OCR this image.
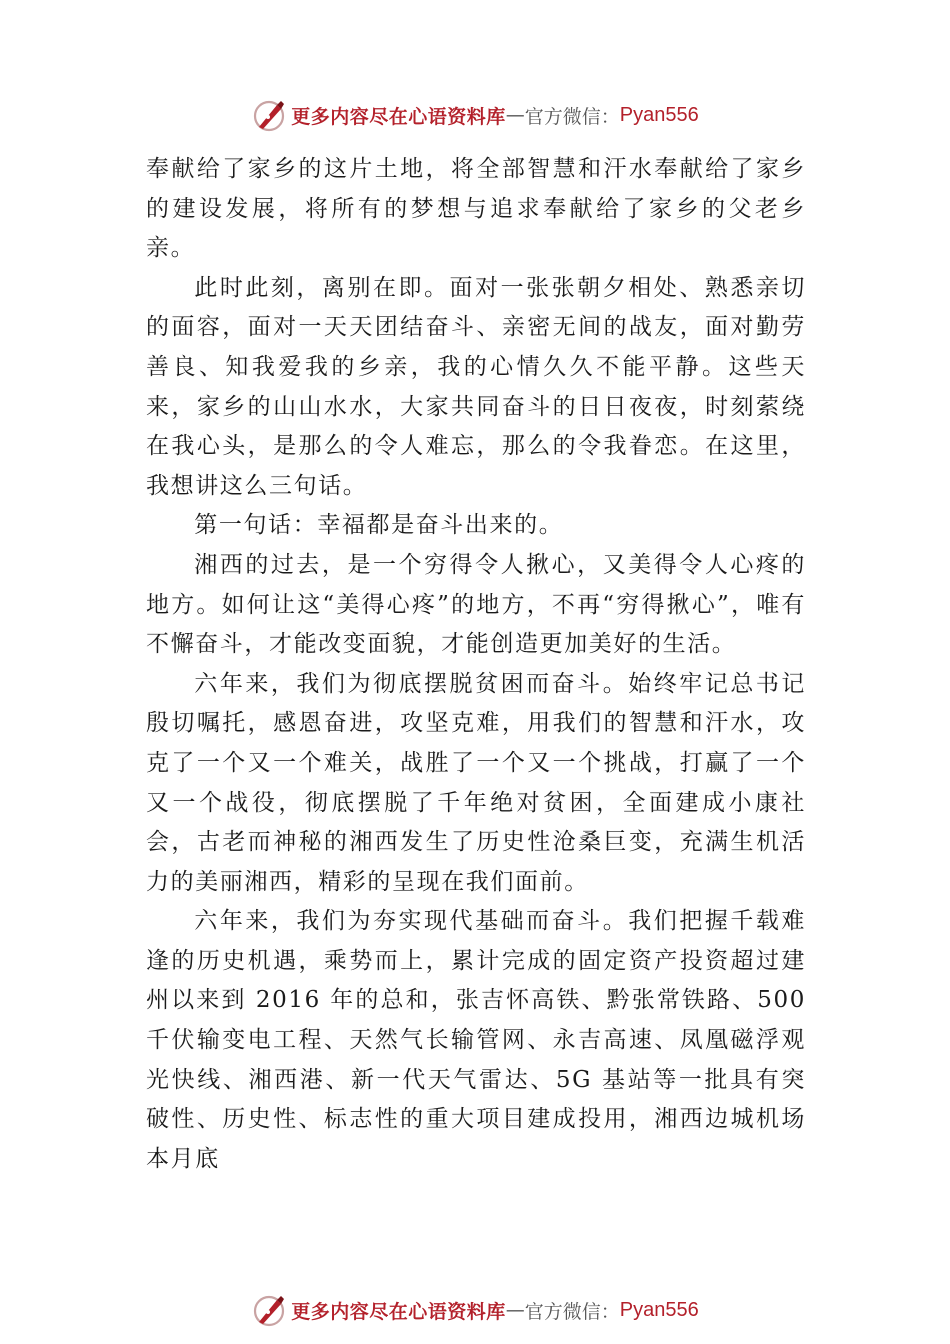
更多内容尽在心语资料库 — 官方微信： Pyan556

奉献给了家乡的这片土地，将全部智慧和汗水奉献给了家乡的建设发展，将所有的梦想与追求奉献给了家乡的父老乡亲。

此时此刻，离别在即。面对一张张朝夕相处、熟悉亲切的面容，面对一天天团结奋斗、亲密无间的战友，面对勤劳善良、知我爱我的乡亲，我的心情久久不能平静。这些天来，家乡的山山水水，大家共同奋斗的日日夜夜，时刻萦绕在我心头，是那么的令人难忘，那么的令我眷恋。在这里，我想讲这么三句话。

第一句话：幸福都是奋斗出来的。

湘西的过去，是一个穷得令人揪心，又美得令人心疼的地方。如何让这“美得心疼”的地方，不再“穷得揪心”，唯有不懈奋斗，才能改变面貌，才能创造更加美好的生活。

六年来，我们为彻底摆脱贫困而奋斗。始终牢记总书记殷切嘱托，感恩奋进，攻坚克难，用我们的智慧和汗水，攻克了一个又一个难关，战胜了一个又一个挑战，打赢了一个又一个战役，彻底摆脱了千年绝对贫困，全面建成小康社会，古老而神秘的湘西发生了历史性沧桑巨变，充满生机活力的美丽湘西，精彩的呈现在我们面前。

六年来，我们为夯实现代基础而奋斗。我们把握千载难逢的历史机遇，乘势而上，累计完成的固定资产投资超过建州以来到 2016 年的总和，张吉怀高铁、黔张常铁路、500 千伏输变电工程、天然气长输管网、永吉高速、凤凰磁浮观光快线、湘西港、新一代天气雷达、5G 基站等一批具有突破性、历史性、标志性的重大项目建成投用，湘西边城机场本月底

更多内容尽在心语资料库 — 官方微信： Pyan556
